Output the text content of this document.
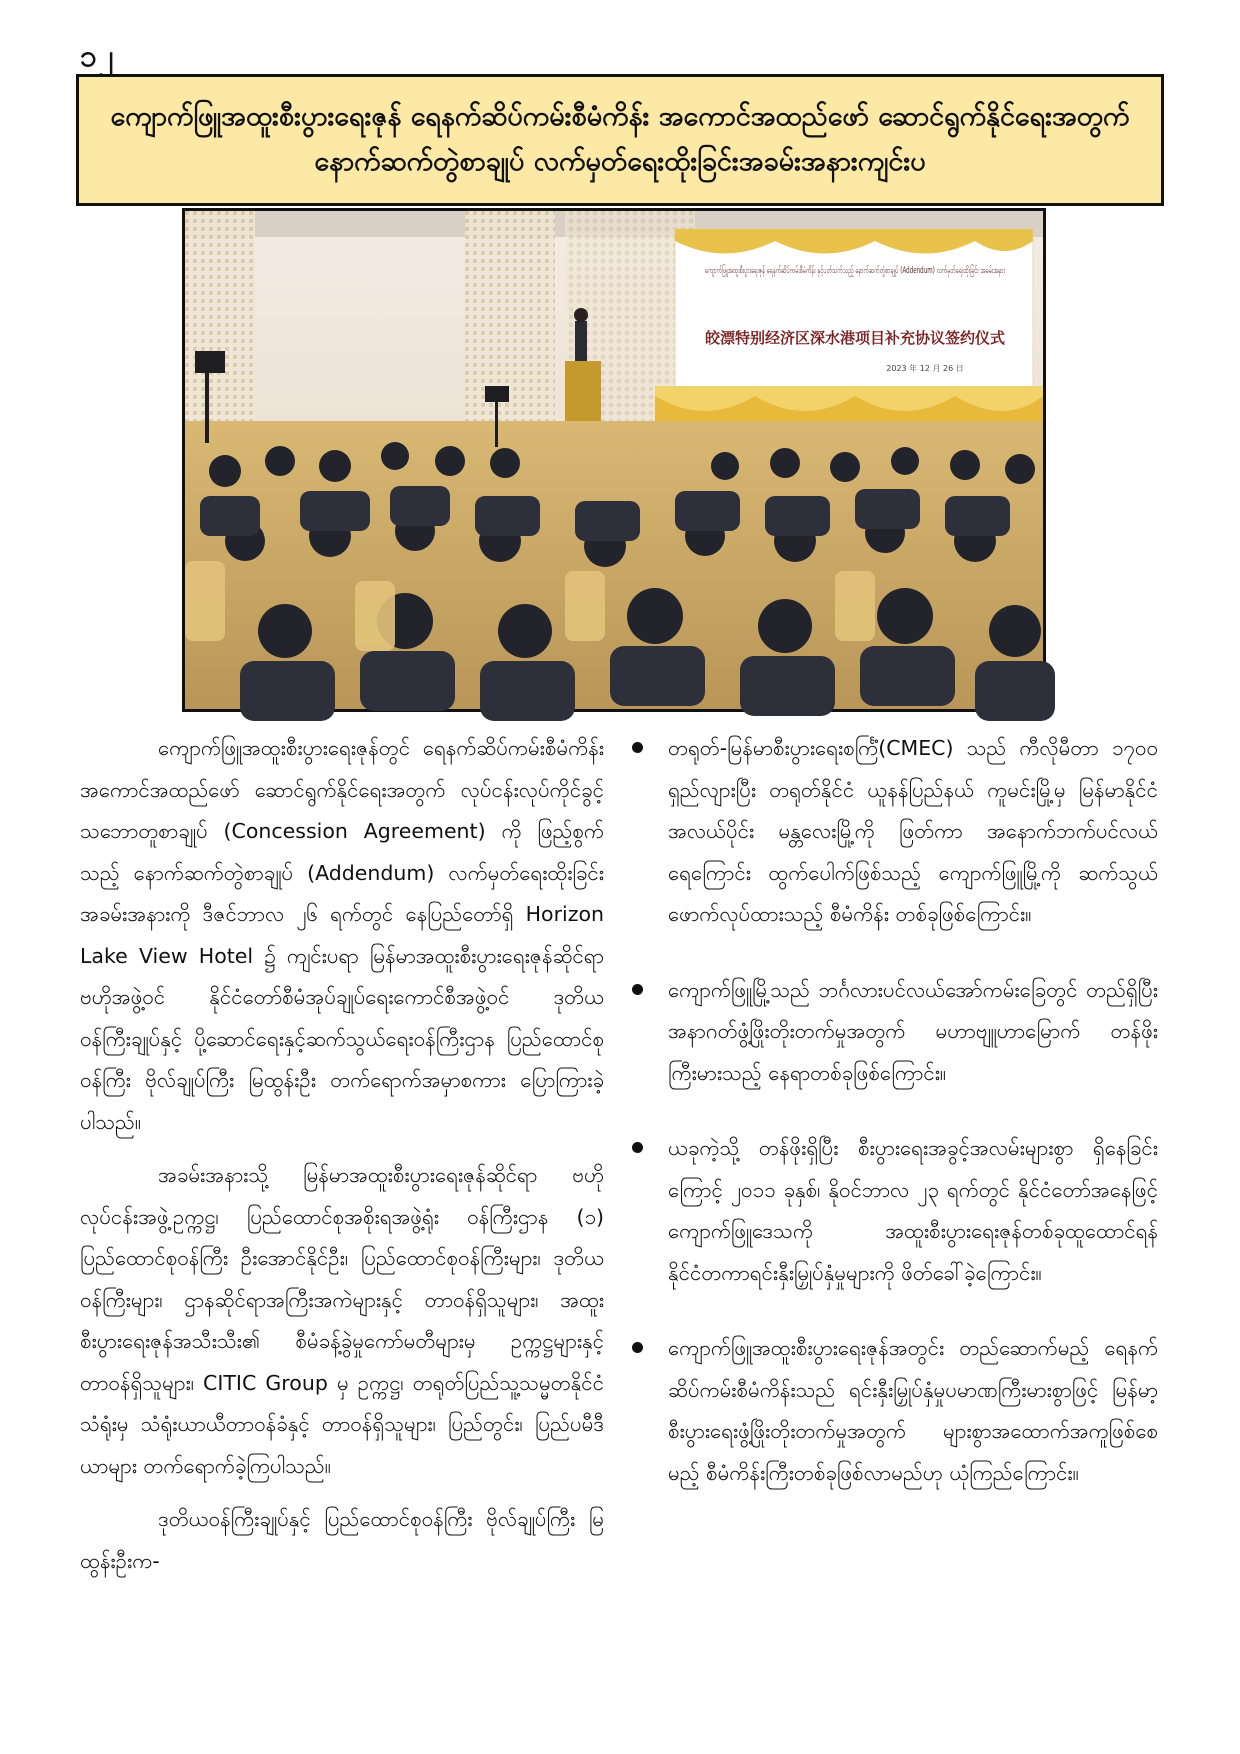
၁၂
ကျောက်ဖြူအထူးစီးပွားရေးဇုန် ရေနက်ဆိပ်ကမ်းစီမံကိန်း အကောင်အထည်ဖော် ဆောင်ရွက်နိုင်ရေးအတွက် နောက်ဆက်တွဲစာချုပ် လက်မှတ်ရေးထိုးခြင်းအခမ်းအနားကျင်းပ
ကျောက်ဖြူအထူးစီးပွားရေးဇုန် ရေနက်ဆိပ်ကမ်းစီမံကိန်း နှင့်ပတ်သက်သည့် နောက်ဆက်တွဲစာချုပ် (Addendum) လက်မှတ်ရေးထိုးခြင်း အခမ်းအနား
皎漂特别经济区深水港项目补充协议签约仪式
2023 年 12 月 26 日

ကျောက်ဖြူအထူးစီးပွားရေးဇုန်တွင် ရေနက်ဆိပ်ကမ်းစီမံကိန်း အကောင်အထည်ဖော် ဆောင်ရွက်နိုင်ရေးအတွက် လုပ်ငန်းလုပ်ကိုင်ခွင့်သဘောတူစာချုပ် (Concession Agreement) ကို ဖြည့်စွက်သည့် နောက်ဆက်တွဲစာချုပ် (Addendum) လက်မှတ်ရေးထိုးခြင်းအခမ်းအနားကို ဒီဇင်ဘာလ ၂၆ ရက်တွင် နေပြည်တော်ရှိ Horizon Lake View Hotel ၌ ကျင်းပရာ မြန်မာအထူးစီးပွားရေးဇုန်ဆိုင်ရာဗဟိုအဖွဲ့ဝင် နိုင်ငံတော်စီမံအုပ်ချုပ်ရေးကောင်စီအဖွဲ့ဝင် ဒုတိယဝန်ကြီးချုပ်နှင့် ပို့ဆောင်ရေးနှင့်ဆက်သွယ်ရေးဝန်ကြီးဌာန ပြည်ထောင်စုဝန်ကြီး ဗိုလ်ချုပ်ကြီး မြထွန်းဦး တက်ရောက်အမှာစကား ပြောကြားခဲ့ပါသည်။

အခမ်းအနားသို့ မြန်မာအထူးစီးပွားရေးဇုန်ဆိုင်ရာ ဗဟိုလုပ်ငန်းအဖွဲ့ဥက္ကဋ္ဌ၊ ပြည်ထောင်စုအစိုးရအဖွဲ့ရုံး ဝန်ကြီးဌာန (၁) ပြည်ထောင်စုဝန်ကြီး ဦးအောင်နိုင်ဦး၊ ပြည်ထောင်စုဝန်ကြီးများ၊ ဒုတိယဝန်ကြီးများ၊ ဌာနဆိုင်ရာအကြီးအကဲများနှင့် တာဝန်ရှိသူများ၊ အထူးစီးပွားရေးဇုန်အသီးသီး၏ စီမံခန့်ခွဲမှုကော်မတီများမှ ဥက္ကဋ္ဌများနှင့် တာဝန်ရှိသူများ၊ CITIC Group မှ ဥက္ကဋ္ဌ၊ တရုတ်ပြည်သူ့သမ္မတနိုင်ငံသံရုံးမှ သံရုံးယာယီတာဝန်ခံနှင့် တာဝန်ရှိသူများ၊ ပြည်တွင်း၊ ပြည်ပမီဒီယာများ တက်ရောက်ခဲ့ကြပါသည်။

ဒုတိယဝန်ကြီးချုပ်နှင့် ပြည်ထောင်စုဝန်ကြီး ဗိုလ်ချုပ်ကြီး မြထွန်းဦးက-

တရုတ်-မြန်မာစီးပွားရေးစင်္ကြံ(CMEC) သည် ကီလိုမီတာ ၁၇၀၀ ရှည်လျားပြီး တရုတ်နိုင်ငံ ယူနန်ပြည်နယ် ကူမင်းမြို့မှ မြန်မာနိုင်ငံအလယ်ပိုင်း မန္တလေးမြို့ကို ဖြတ်ကာ အနောက်ဘက်ပင်လယ်ရေကြောင်း ထွက်ပေါက်ဖြစ်သည့် ကျောက်ဖြူမြို့ကို ဆက်သွယ်ဖောက်လုပ်ထားသည့် စီမံကိန်း တစ်ခုဖြစ်ကြောင်း။
ကျောက်ဖြူမြို့သည် ဘင်္ဂလားပင်လယ်အော်ကမ်းခြေတွင် တည်ရှိပြီး အနာဂတ်ဖွံ့ဖြိုးတိုးတက်မှုအတွက် မဟာဗျူဟာမြောက် တန်ဖိုးကြီးမားသည့် နေရာတစ်ခုဖြစ်ကြောင်း။
ယခုကဲ့သို့ တန်ဖိုးရှိပြီး စီးပွားရေးအခွင့်အလမ်းများစွာ ရှိနေခြင်းကြောင့် ၂၀၁၁ ခုနှစ်၊ နိုဝင်ဘာလ ၂၃ ရက်တွင် နိုင်ငံတော်အနေဖြင့် ကျောက်ဖြူဒေသကို အထူးစီးပွားရေးဇုန်တစ်ခုထူထောင်ရန် နိုင်ငံတကာရင်းနှီးမြှုပ်နှံမှုများကို ဖိတ်ခေါ်ခဲ့ကြောင်း။
ကျောက်ဖြူအထူးစီးပွားရေးဇုန်အတွင်း တည်ဆောက်မည့် ရေနက်ဆိပ်ကမ်းစီမံကိန်းသည် ရင်းနှီးမြှုပ်နှံမှုပမာဏကြီးမားစွာဖြင့် မြန်မာ့စီးပွားရေးဖွံ့ဖြိုးတိုးတက်မှုအတွက် များစွာအထောက်အကူဖြစ်စေမည့် စီမံကိန်းကြီးတစ်ခုဖြစ်လာမည်ဟု ယုံကြည်ကြောင်း။
